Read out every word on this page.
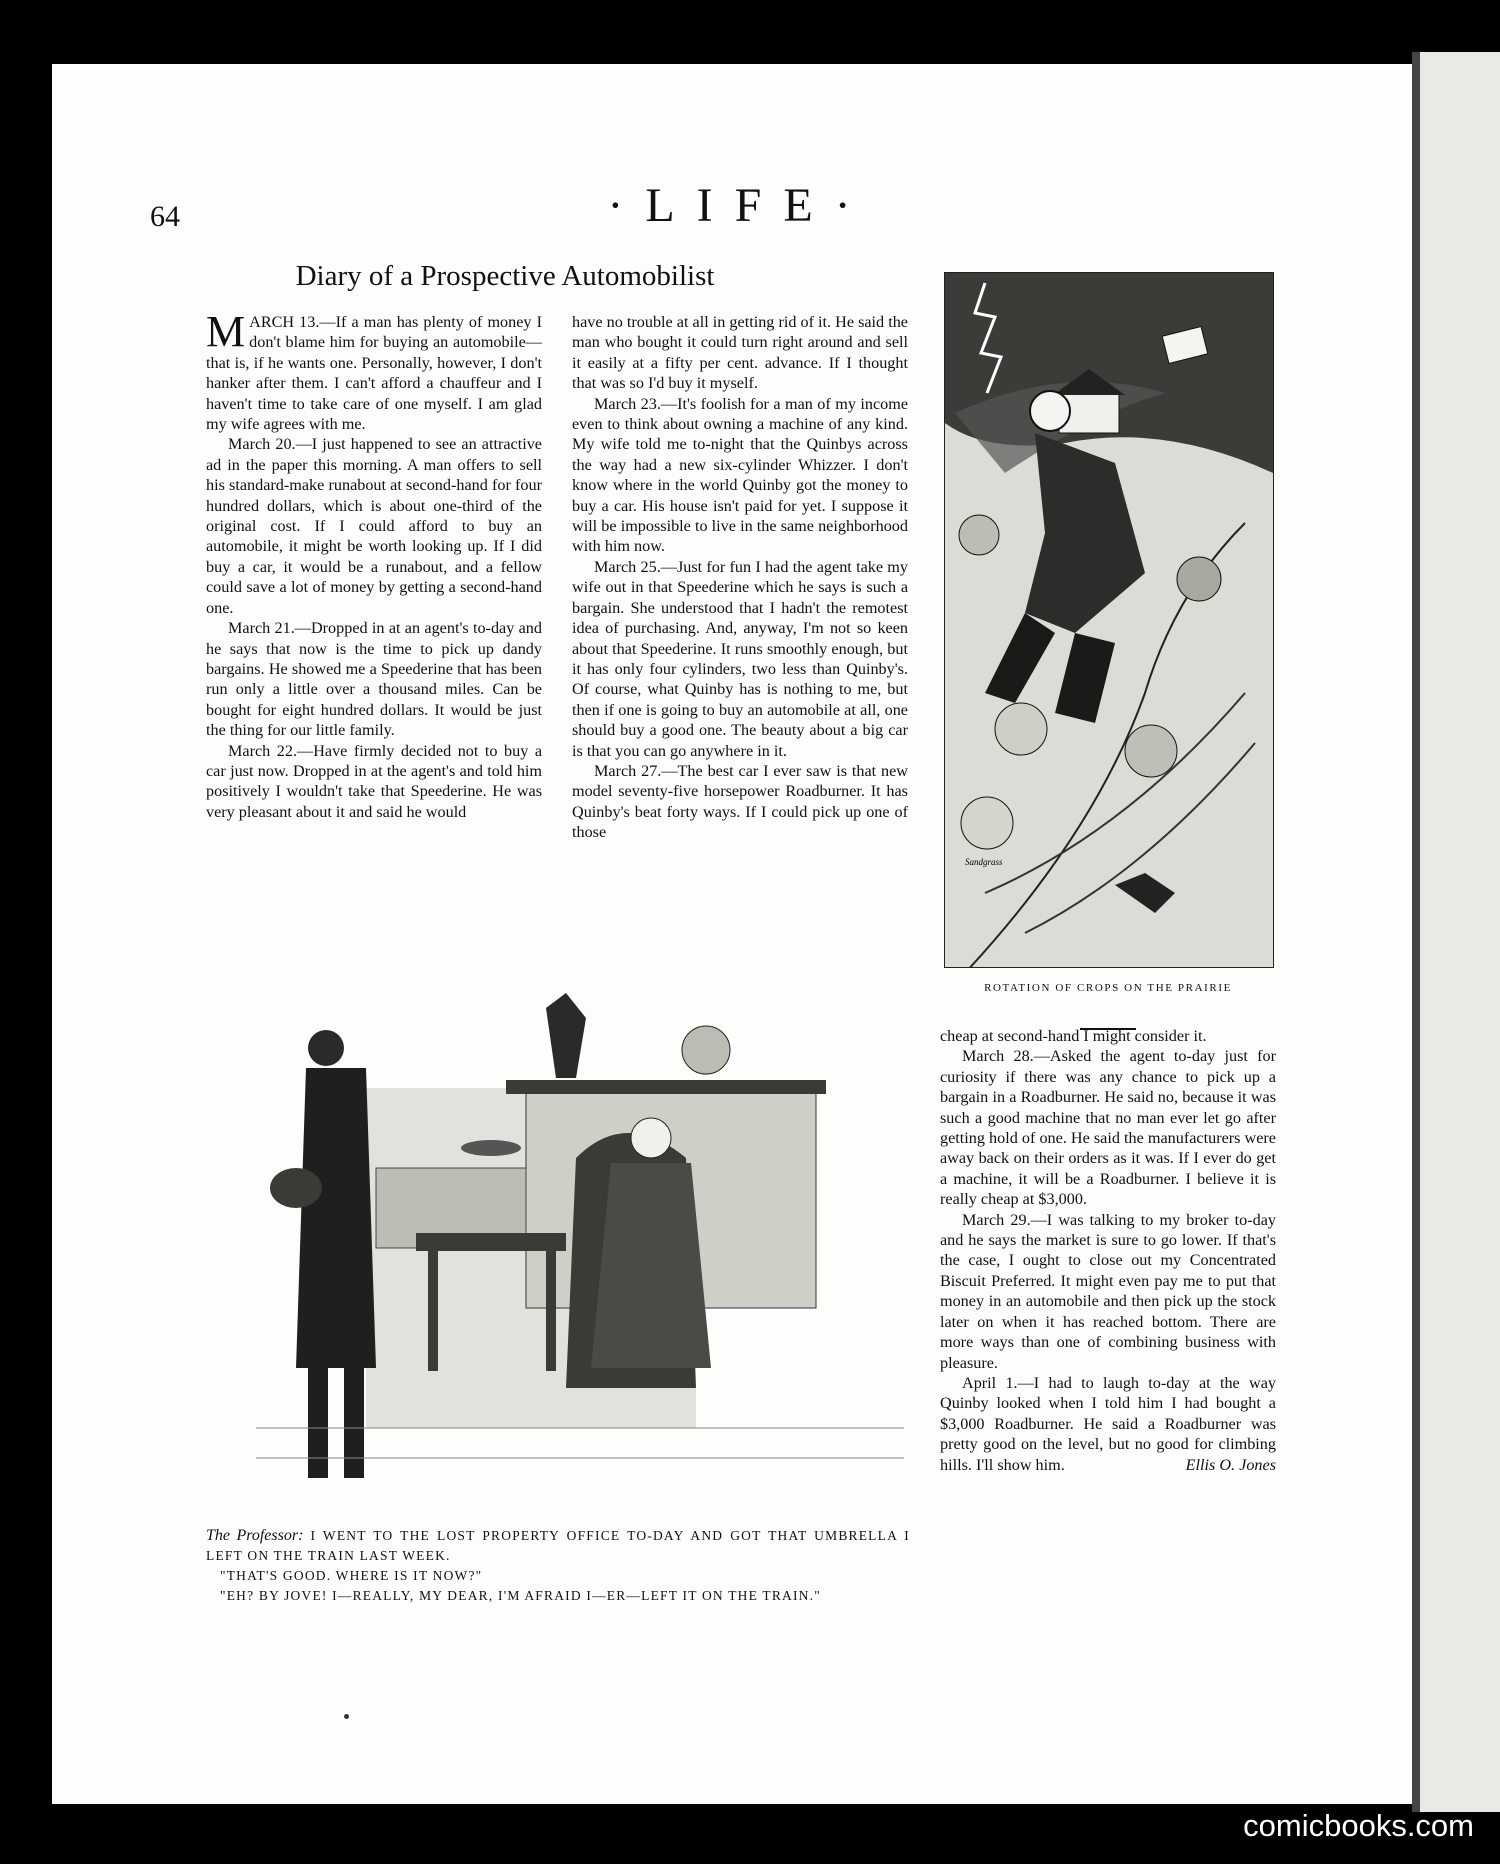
64	·LIFE·
Diary of a Prospective Automobilist

MARCH 13.—If a man has plenty of money I don't blame him for buying an automobile—that is, if he wants one. Personally, however, I don't hanker after them. I can't afford a chauffeur and I haven't time to take care of one myself. I am glad my wife agrees with me.

March 20.—I just happened to see an attractive ad in the paper this morning. A man offers to sell his standard-make runabout at second-hand for four hundred dollars, which is about one-third of the original cost. If I could afford to buy an automobile, it might be worth looking up. If I did buy a car, it would be a runabout, and a fellow could save a lot of money by getting a second-hand one.

March 21.—Dropped in at an agent's to-day and he says that now is the time to pick up dandy bargains. He showed me a Speederine that has been run only a little over a thousand miles. Can be bought for eight hundred dollars. It would be just the thing for our little family.

March 22.—Have firmly decided not to buy a car just now. Dropped in at the agent's and told him positively I wouldn't take that Speederine. He was very pleasant about it and said he would

have no trouble at all in getting rid of it. He said the man who bought it could turn right around and sell it easily at a fifty per cent. advance. If I thought that was so I'd buy it myself.

March 23.—It's foolish for a man of my income even to think about owning a machine of any kind. My wife told me to-night that the Quinbys across the way had a new six-cylinder Whizzer. I don't know where in the world Quinby got the money to buy a car. His house isn't paid for yet. I suppose it will be impossible to live in the same neighborhood with him now.

March 25.—Just for fun I had the agent take my wife out in that Speederine which he says is such a bargain. She understood that I hadn't the remotest idea of purchasing. And, anyway, I'm not so keen about that Speederine. It runs smoothly enough, but it has only four cylinders, two less than Quinby's. Of course, what Quinby has is nothing to me, but then if one is going to buy an automobile at all, one should buy a good one. The beauty about a big car is that you can go anywhere in it.

March 27.—The best car I ever saw is that new model seventy-five horsepower Roadburner. It has Quinby's beat forty ways. If I could pick up one of those

Sandgrass
ROTATION OF CROPS ON THE PRAIRIE

The Professor: I WENT TO THE LOST PROPERTY OFFICE TO-DAY AND GOT THAT UMBRELLA I LEFT ON THE TRAIN LAST WEEK.

"THAT'S GOOD. WHERE IS IT NOW?"

"EH? BY JOVE! I—REALLY, MY DEAR, I'M AFRAID I—ER—LEFT IT ON THE TRAIN."

cheap at second-hand I might consider it.

March 28.—Asked the agent to-day just for curiosity if there was any chance to pick up a bargain in a Roadburner. He said no, because it was such a good machine that no man ever let go after getting hold of one. He said the manufacturers were away back on their orders as it was. If I ever do get a machine, it will be a Roadburner. I believe it is really cheap at $3,000.

March 29.—I was talking to my broker to-day and he says the market is sure to go lower. If that's the case, I ought to close out my Concentrated Biscuit Preferred. It might even pay me to put that money in an automobile and then pick up the stock later on when it has reached bottom. There are more ways than one of combining business with pleasure.

April 1.—I had to laugh to-day at the way Quinby looked when I told him I had bought a $3,000 Roadburner. He said a Roadburner was pretty good on the level, but no good for climbing hills. I'll show him.	Ellis O. Jones

comicbooks.com
